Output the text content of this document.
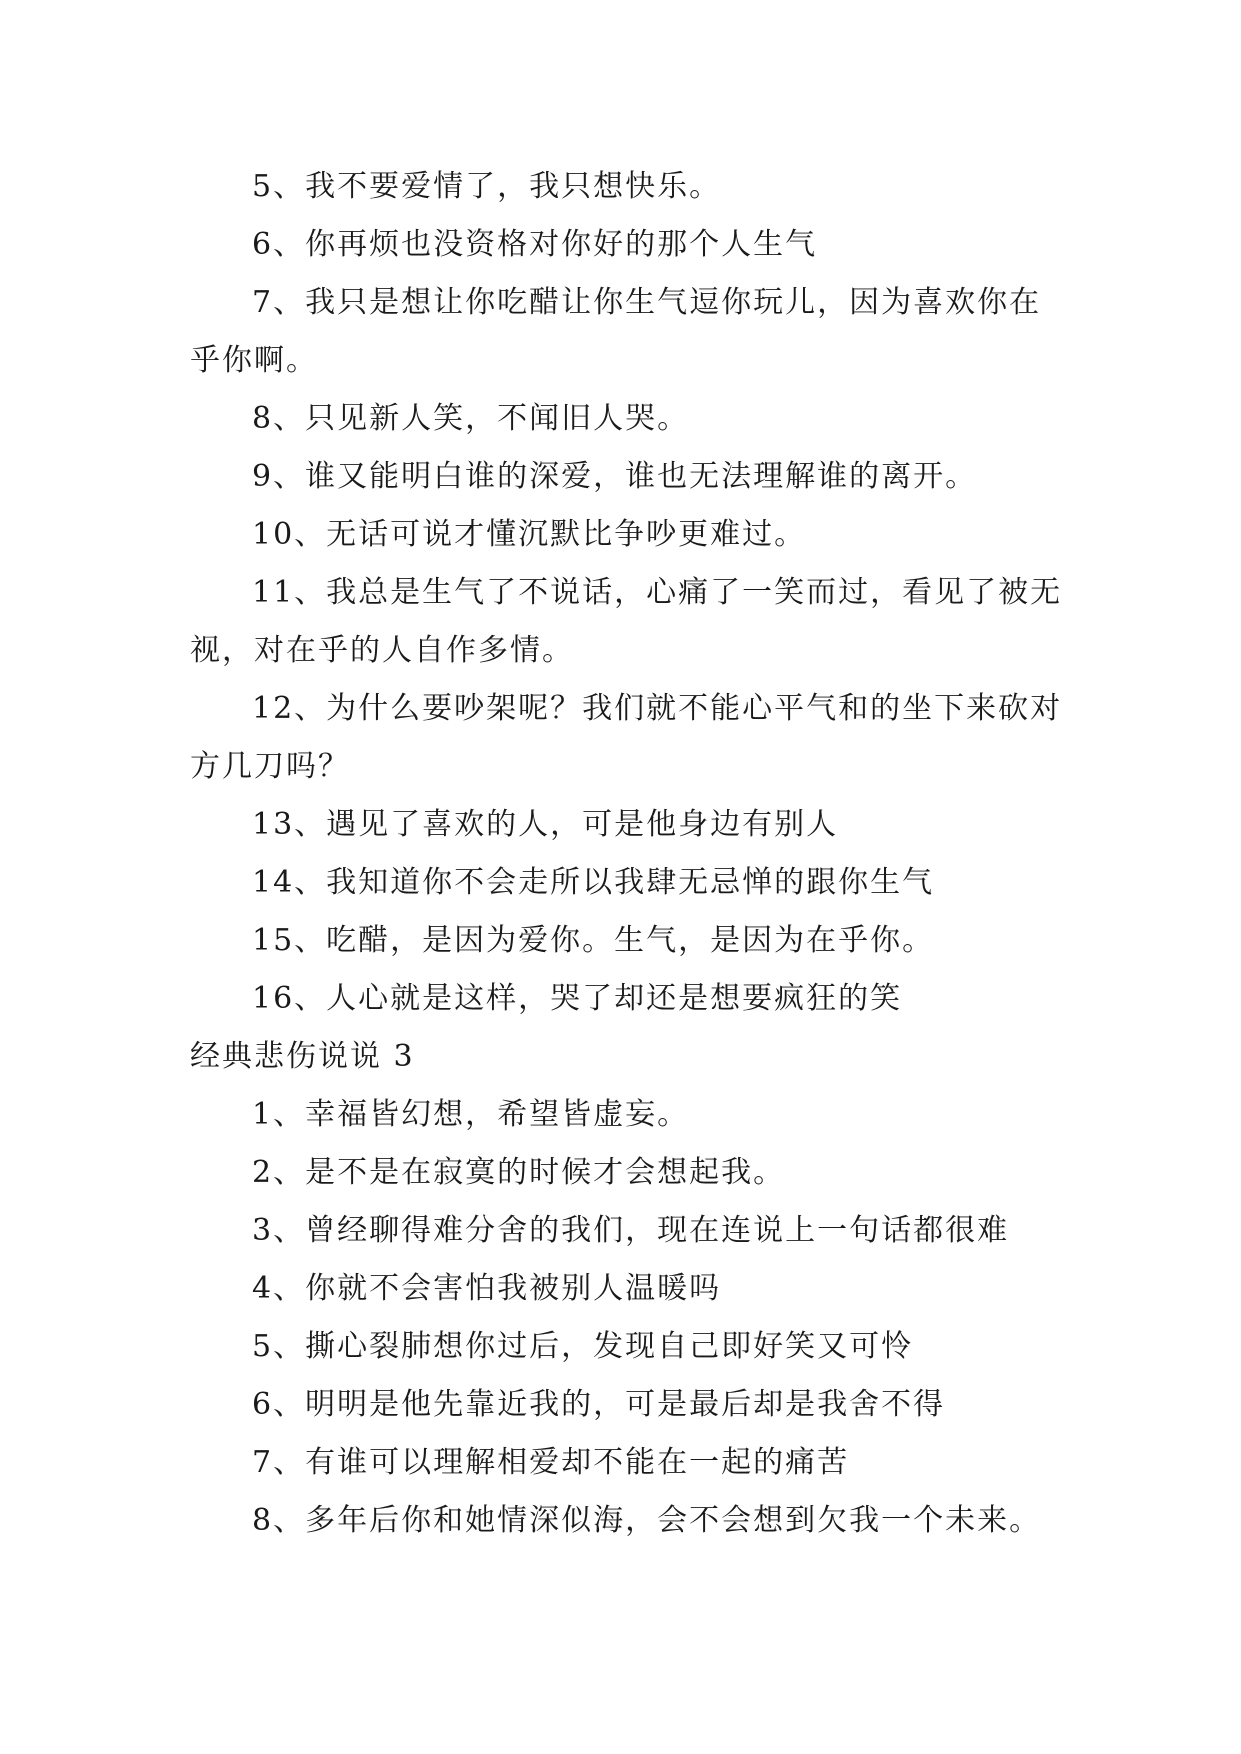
5、我不要爱情了，我只想快乐。

6、你再烦也没资格对你好的那个人生气

7、我只是想让你吃醋让你生气逗你玩儿，因为喜欢你在乎你啊。

8、只见新人笑，不闻旧人哭。

9、谁又能明白谁的深爱，谁也无法理解谁的离开。

10、无话可说才懂沉默比争吵更难过。

11、我总是生气了不说话，心痛了一笑而过，看见了被无视，对在乎的人自作多情。

12、为什么要吵架呢？我们就不能心平气和的坐下来砍对方几刀吗？

13、遇见了喜欢的人，可是他身边有别人

14、我知道你不会走所以我肆无忌惮的跟你生气

15、吃醋，是因为爱你。生气，是因为在乎你。

16、人心就是这样，哭了却还是想要疯狂的笑

经典悲伤说说 3

1、幸福皆幻想，希望皆虚妄。

2、是不是在寂寞的时候才会想起我。

3、曾经聊得难分舍的我们，现在连说上一句话都很难

4、你就不会害怕我被别人温暖吗

5、撕心裂肺想你过后，发现自己即好笑又可怜

6、明明是他先靠近我的，可是最后却是我舍不得

7、有谁可以理解相爱却不能在一起的痛苦

8、多年后你和她情深似海，会不会想到欠我一个未来。
